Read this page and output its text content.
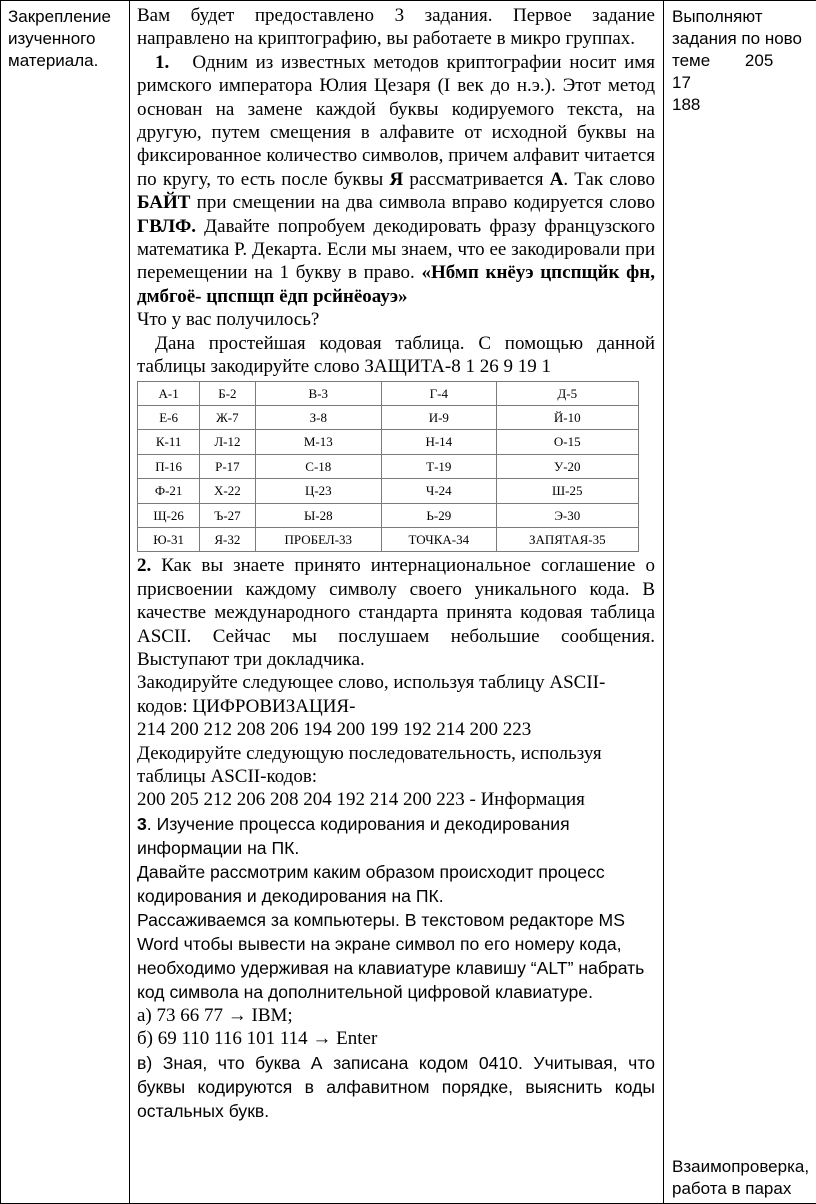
Закрепление
изученного
материала.
Выполняют
задания по ново
теме 205 17
188
Взаимопроверка,
работа в парах

Вам будет предоставлено 3 задания. Первое задание направлено на криптографию, вы работаете в микро группах.

1. Одним из известных методов криптографии носит имя римского императора Юлия Цезаря (I век до н.э.). Этот метод основан на замене каждой буквы кодируемого текста, на другую, путем смещения в алфавите от исходной буквы на фиксированное количество символов, причем алфавит читается по кругу, то есть после буквы Я рассматривается А. Так слово БАЙТ при смещении на два символа вправо кодируется слово ГВЛФ. Давайте попробуем декодировать фразу французского математика Р. Декарта. Если мы знаем, что ее закодировали при перемещении на 1 букву в право. «Нбмп кнёуэ цпспщйк фн, дмбгоё- цпспщп ёдп рсйнёоауэ»

Что у вас получилось?

Дана простейшая кодовая таблица. С помощью данной таблицы закодируйте слово ЗАЩИТА-8 1 26 9 19 1

А-1	Б-2	В-3	Г-4	Д-5
Е-6	Ж-7	З-8	И-9	Й-10
К-11	Л-12	М-13	Н-14	О-15
П-16	Р-17	С-18	Т-19	У-20
Ф-21	Х-22	Ц-23	Ч-24	Ш-25
Щ-26	Ъ-27	Ы-28	Ь-29	Э-30
Ю-31	Я-32	ПРОБЕЛ-33	ТОЧКА-34	ЗАПЯТАЯ-35

2. Как вы знаете принято интернациональное соглашение о присвоении каждому символу своего уникального кода. В качестве международного стандарта принята кодовая таблица ASCII. Сейчас мы послушаем небольшие сообщения. Выступают три докладчика.

Закодируйте следующее слово, используя таблицу ASCII-кодов: ЦИФРОВИЗАЦИЯ-

214 200 212 208 206 194 200 199 192 214 200 223

Декодируйте следующую последовательность, используя таблицы ASCII-кодов:

200 205 212 206 208 204 192 214 200 223 - Информация

3. Изучение процесса кодирования и декодирования информации на ПК.

Давайте рассмотрим каким образом происходит процесс

кодирования и декодирования на ПК.

Рассаживаемся за компьютеры. В текстовом редакторе MS Word чтобы вывести на экране символ по его номеру кода, необходимо удерживая на клавиатуре клавишу “ALT” набрать код символа на дополнительной цифровой клавиатуре.

а) 73 66 77 → IBM;

б) 69 110 116 101 114 → Enter

в) Зная, что буква А записана кодом 0410. Учитывая, что буквы кодируются в алфавитном порядке, выяснить коды остальных букв.
